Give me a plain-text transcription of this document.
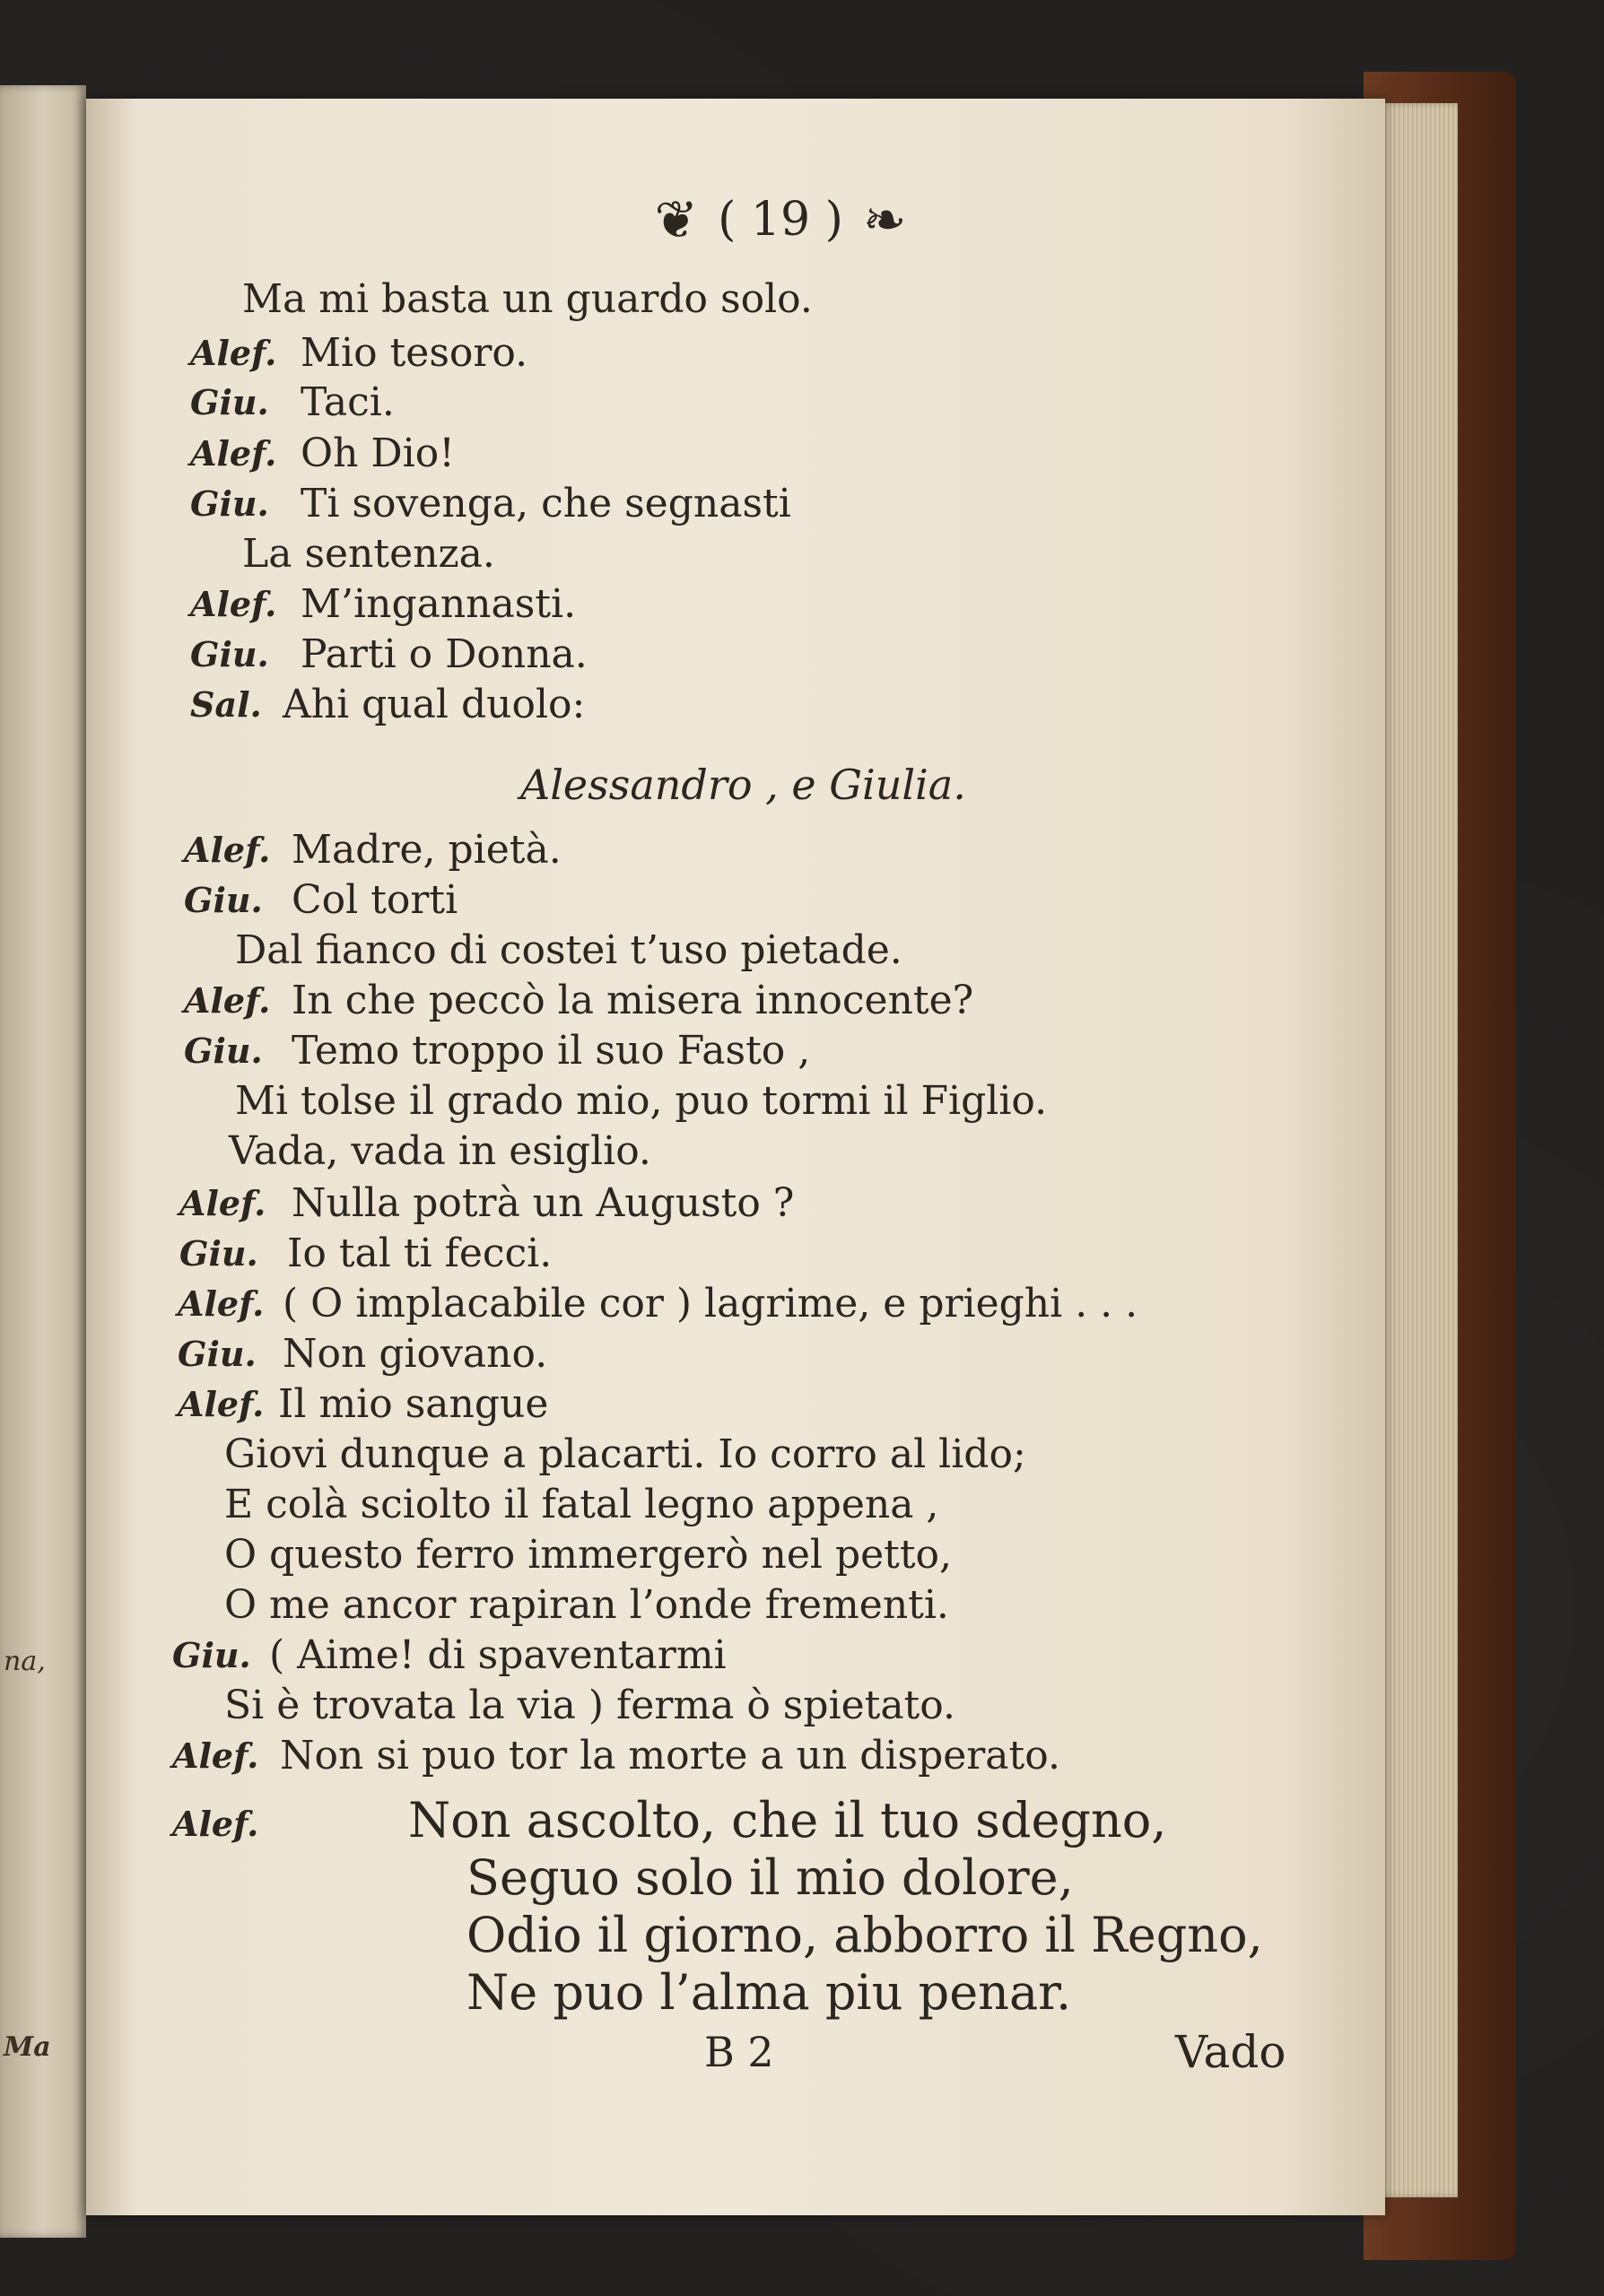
na,
Ma
❦ ( 19 ) ❧
Ma mi basta un guardo solo.
Alef. Mio tesoro.
Giu. Taci.
Alef. Oh Dio!
Giu. Ti sovenga, che segnasti
La sentenza.
Alef. M’ingannasti.
Giu. Parti o Donna.
Sal. Ahi qual duolo:
Alessandro , e Giulia.
Alef. Madre, pietà.
Giu. Col torti
Dal fianco di costei t’uso pietade.
Alef. In che peccò la misera innocente?
Giu. Temo troppo il suo Fasto ,
Mi tolse il grado mio, puo tormi il Figlio.
Vada, vada in esiglio.
Alef. Nulla potrà un Augusto ?
Giu. Io tal ti fecci.
Alef. ( O implacabile cor ) lagrime, e prieghi . . .
Giu. Non giovano.
Alef. Il mio sangue
Giovi dunque a placarti. Io corro al lido;
E colà sciolto il fatal legno appena ,
O questo ferro immergerò nel petto,
O me ancor rapiran l’onde frementi.
Giu. ( Aime! di spaventarmi
Si è trovata la via ) ferma ò spietato.
Alef. Non si puo tor la morte a un disperato.
Alef.	Non ascolto, che il tuo sdegno,
Seguo solo il mio dolore,
Odio il giorno, abborro il Regno,
Ne puo l’alma piu penar.
B 2	Vado
